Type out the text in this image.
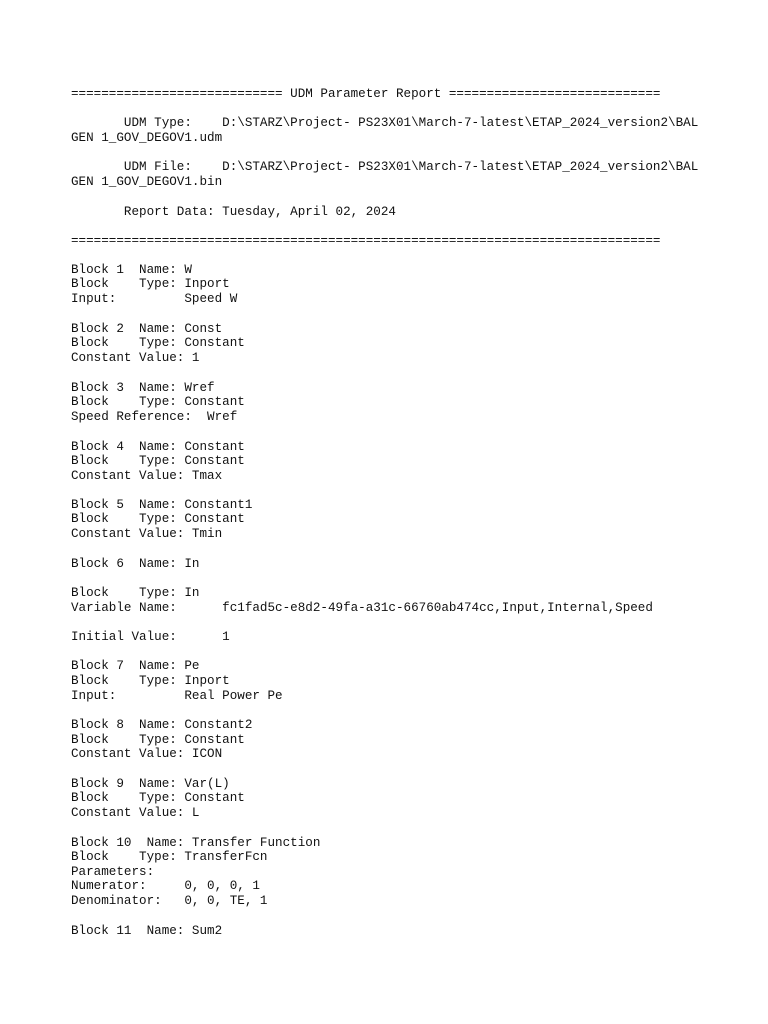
============================ UDM Parameter Report ============================
UDM Type:    D:\STARZ\Project- PS23X01\March-7-latest\ETAP_2024_version2\BAL
GEN 1_GOV_DEGOV1.udm
UDM File:    D:\STARZ\Project- PS23X01\March-7-latest\ETAP_2024_version2\BAL
GEN 1_GOV_DEGOV1.bin
Report Data: Tuesday, April 02, 2024
==============================================================================
Block 1  Name: W
Block    Type: Inport
Input:         Speed W
Block 2  Name: Const
Block    Type: Constant
Constant Value: 1
Block 3  Name: Wref
Block    Type: Constant
Speed Reference:  Wref
Block 4  Name: Constant
Block    Type: Constant
Constant Value: Tmax
Block 5  Name: Constant1
Block    Type: Constant
Constant Value: Tmin
Block 6  Name: In
Block    Type: In
Variable Name:      fc1fad5c-e8d2-49fa-a31c-66760ab474cc,Input,Internal,Speed
Initial Value:      1
Block 7  Name: Pe
Block    Type: Inport
Input:         Real Power Pe
Block 8  Name: Constant2
Block    Type: Constant
Constant Value: ICON
Block 9  Name: Var(L)
Block    Type: Constant
Constant Value: L
Block 10  Name: Transfer Function
Block    Type: TransferFcn
Parameters:
Numerator:     0, 0, 0, 1
Denominator:   0, 0, TE, 1
Block 11  Name: Sum2
